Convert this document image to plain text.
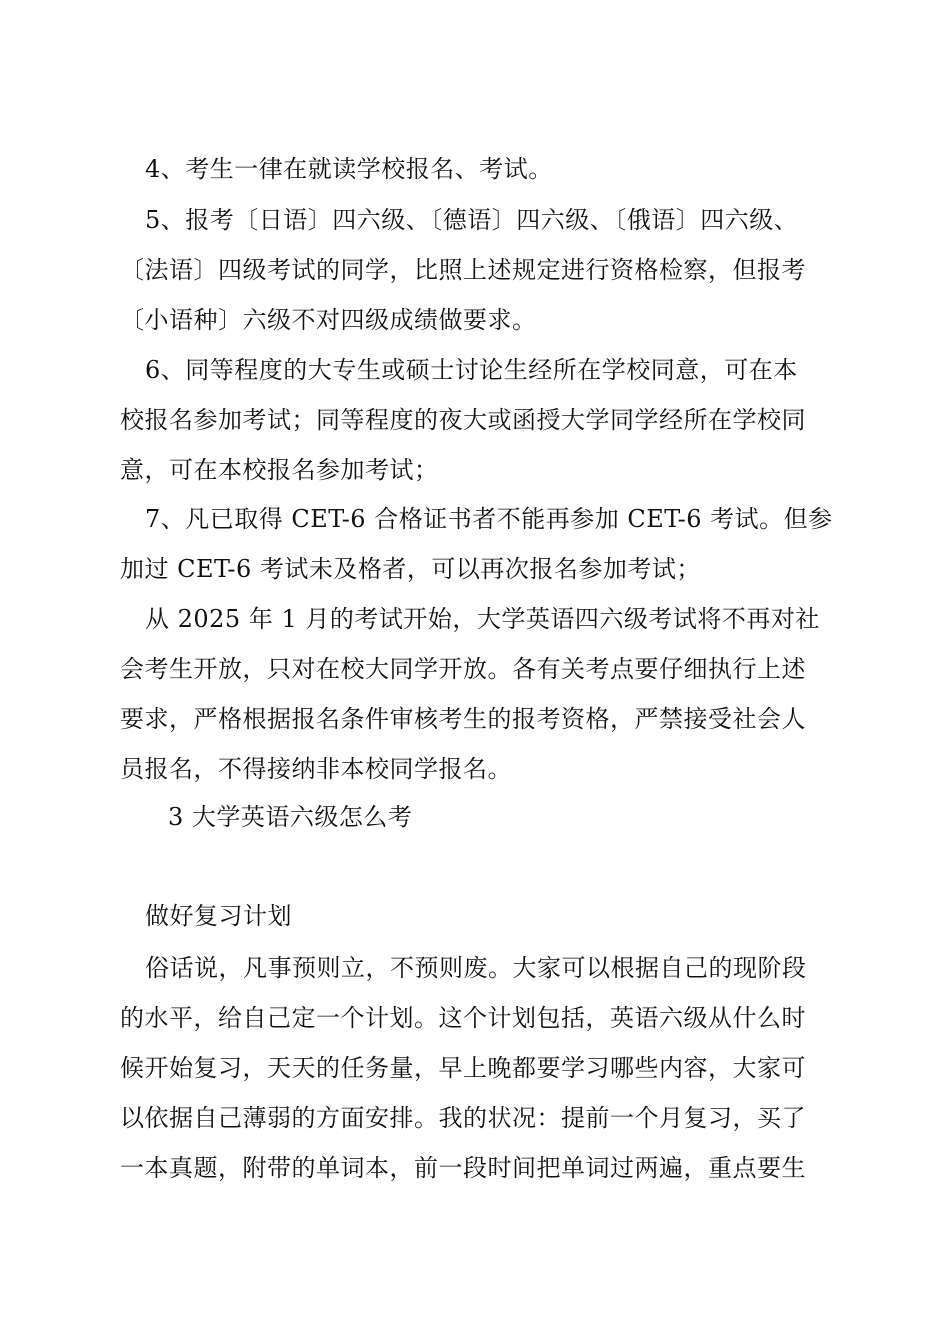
4、考生一律在就读学校报名、考试。
5、报考〔日语〕四六级、〔德语〕四六级、〔俄语〕四六级、
〔法语〕四级考试的同学，比照上述规定进行资格检察，但报考
〔小语种〕六级不对四级成绩做要求。
6、同等程度的大专生或硕士讨论生经所在学校同意，可在本
校报名参加考试；同等程度的夜大或函授大学同学经所在学校同
意，可在本校报名参加考试；
7、凡已取得 CET-6 合格证书者不能再参加 CET-6 考试。但参
加过 CET-6 考试未及格者，可以再次报名参加考试；
从 2025 年 1 月的考试开始，大学英语四六级考试将不再对社
会考生开放，只对在校大同学开放。各有关考点要仔细执行上述
要求，严格根据报名条件审核考生的报考资格，严禁接受社会人
员报名，不得接纳非本校同学报名。
3 大学英语六级怎么考
做好复习计划
俗话说，凡事预则立，不预则废。大家可以根据自己的现阶段
的水平，给自己定一个计划。这个计划包括，英语六级从什么时
候开始复习，天天的任务量，早上晚都要学习哪些内容，大家可
以依据自己薄弱的方面安排。我的状况：提前一个月复习，买了
一本真题，附带的单词本，前一段时间把单词过两遍，重点要生
